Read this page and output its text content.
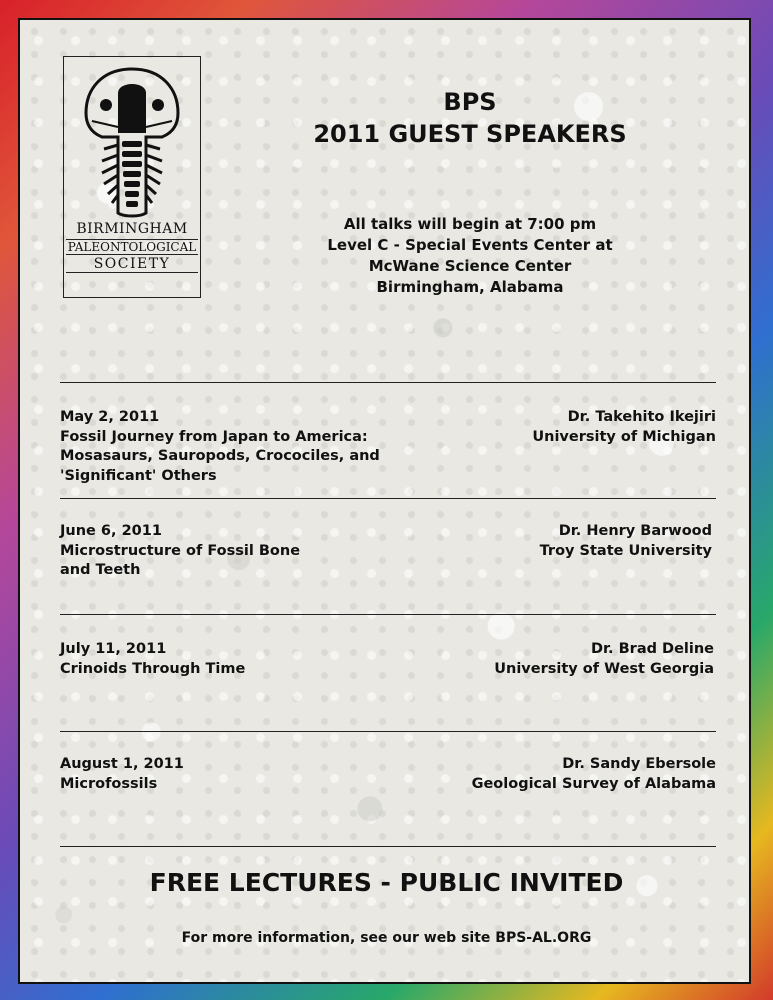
BIRMINGHAM
PALEONTOLOGICAL
SOCIETY
BPS
2011 GUEST SPEAKERS
All talks will begin at 7:00 pm
Level C - Special Events Center at
McWane Science Center
Birmingham, Alabama
May 2, 2011
Fossil Journey from Japan to America:
Mosasaurs, Sauropods, Crocociles, and
'Significant' Others
Dr. Takehito Ikejiri
University of Michigan
June 6, 2011
Microstructure of Fossil Bone
and Teeth
Dr. Henry Barwood
Troy State University
July 11, 2011
Crinoids Through Time
Dr. Brad Deline
University of West Georgia
August 1, 2011
Microfossils
Dr. Sandy Ebersole
Geological Survey of Alabama
FREE LECTURES - PUBLIC INVITED
For more information, see our web site BPS-AL.ORG
